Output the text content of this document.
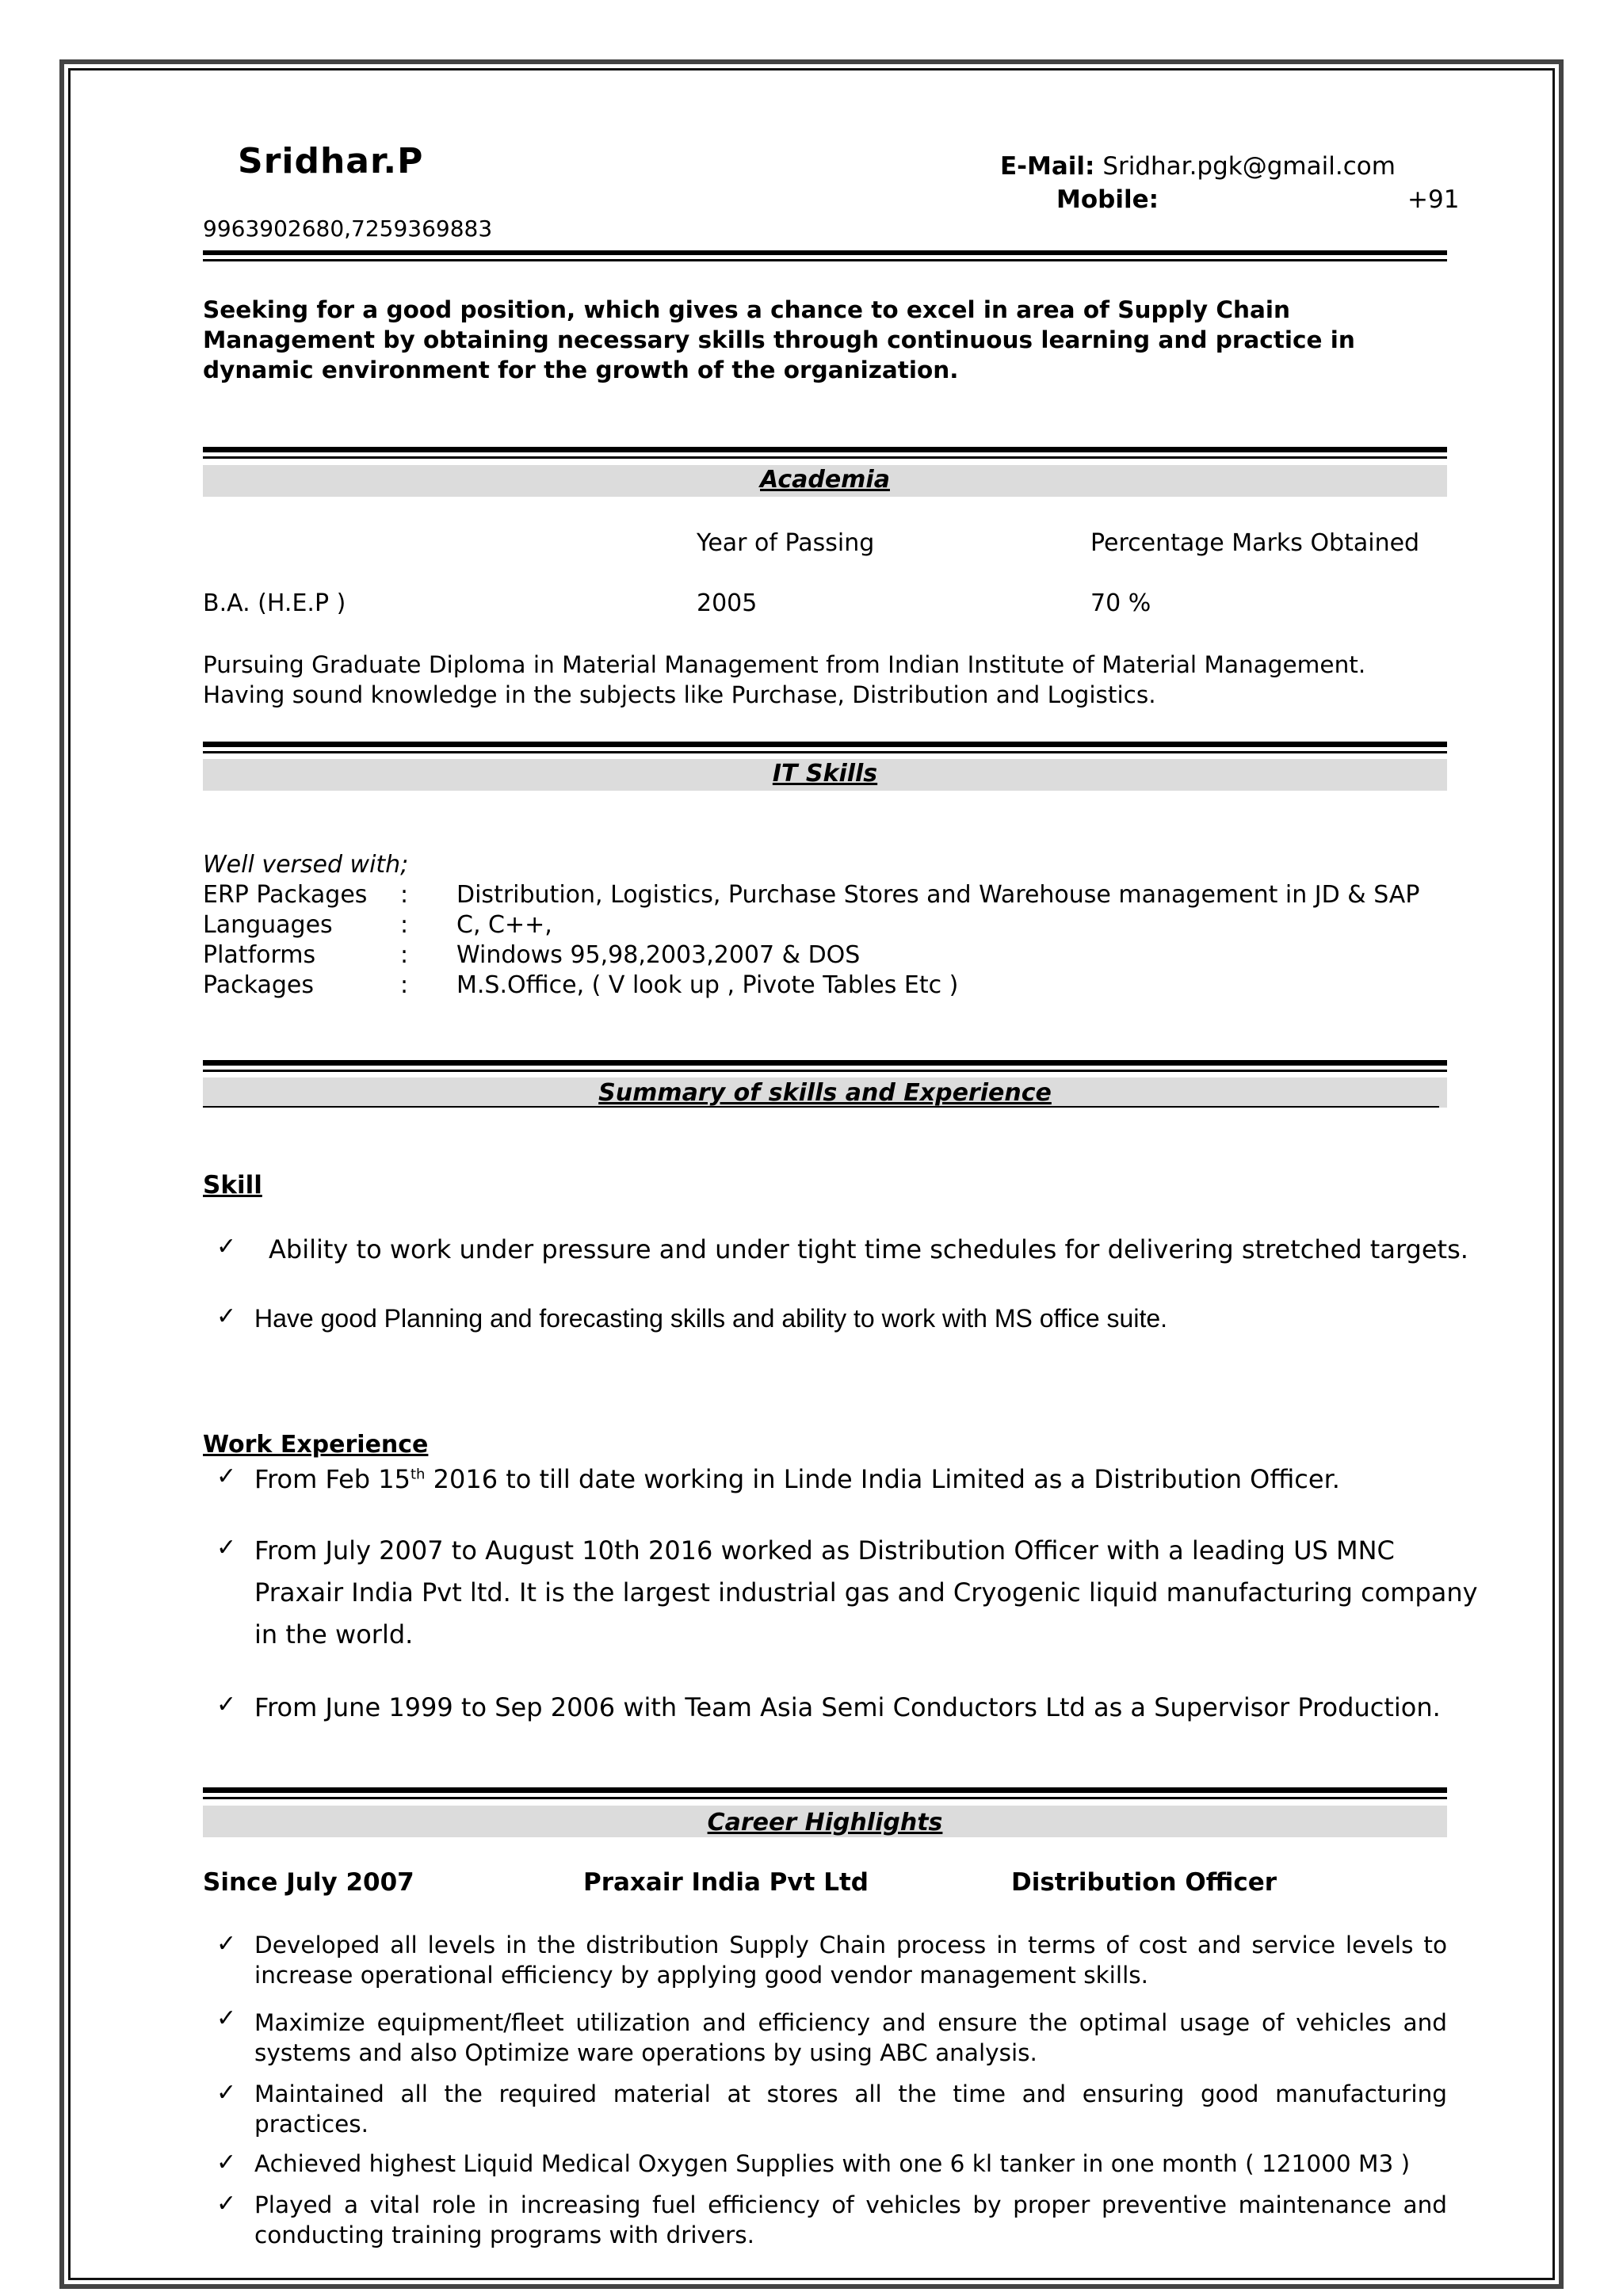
Sridhar.P	E-Mail: Sridhar.pgk@gmail.com
Mobile:	+91
9963902680,7259369883
Seeking for a good position, which gives a chance to excel in area of Supply Chain Management by obtaining necessary skills through continuous learning and practice in dynamic environment for the growth of the organization.
Academia
Year of Passing	Percentage Marks Obtained
B.A. (H.E.P )	2005	70 %
Pursuing Graduate Diploma in Material Management from Indian Institute of Material Management. Having sound knowledge in the subjects like Purchase, Distribution and Logistics.
IT Skills
Well versed with;
ERP Packages : Distribution, Logistics, Purchase Stores and Warehouse management in JD & SAP
Languages	: C, C++,
Platforms	: Windows 95,98,2003,2007 & DOS
Packages	: M.S.Office, ( V look up , Pivote Tables Etc )
Summary of skills and Experience
Skill
✓ Ability to work under pressure and under tight time schedules for delivering stretched targets.
✓ Have good Planning and forecasting skills and ability to work with MS office suite.
Work Experience
✓ From Feb 15th 2016 to till date working in Linde India Limited as a Distribution Officer.
✓ From July 2007 to August 10th 2016 worked as Distribution Officer with a leading US MNC
Praxair India Pvt ltd. It is the largest industrial gas and Cryogenic liquid manufacturing company
in the world.
✓ From June 1999 to Sep 2006 with Team Asia Semi Conductors Ltd as a Supervisor Production.
Career Highlights
Since July 2007	Praxair India Pvt Ltd	Distribution Officer
✓ Developed all levels in the distribution Supply Chain process in terms of cost and service levels to increase operational efficiency by applying good vendor management skills.
✓ Maximize equipment/fleet utilization and efficiency and ensure the optimal usage of vehicles and systems and also Optimize ware operations by using ABC analysis.
✓ Maintained all the required material at stores all the time and ensuring good manufacturing practices.
✓ Achieved highest Liquid Medical Oxygen Supplies with one 6 kl tanker in one month ( 121000 M3 )
✓ Played a vital role in increasing fuel efficiency of vehicles by proper preventive maintenance and conducting training programs with drivers.
